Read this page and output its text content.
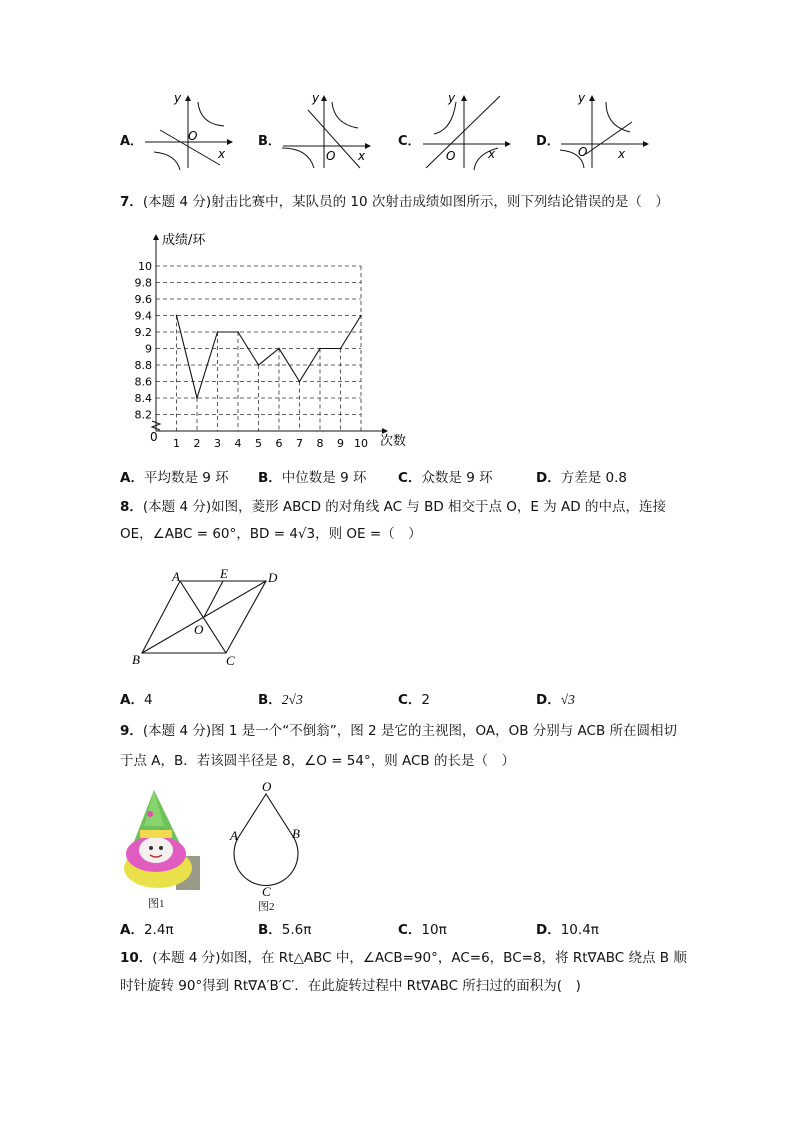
A．
y
x
O	B．
y
x
O
C．
y
x
O
D．
y
x
O
7．(本题 4 分)射击比赛中，某队员的 10 次射击成绩如图所示，则下列结论错误的是（　）
8.2
8.4
8.6
8.8
9
9.2
9.4
9.6
9.8
10
1 2 3 4 5 6 7 8 9 10
成绩/环
次数
0
A．平均数是 9 环 B．中位数是 9 环 C．众数是 9 环	D．方差是 0.8
8．(本题 4 分)如图，菱形 ABCD 的对角线 AC 与 BD 相交于点 O，E 为 AD 的中点，连接
OE，∠ABC = 60°，BD = 4√3，则 OE =（　）
A	E	D
O
B	C
A．4	B．2√3	C．2	D．√3
9．(本题 4 分)图 1 是一个“不倒翁”，图 2 是它的主视图，OA，OB 分别与 ACB 所在圆相切
于点 A，B．若该圆半径是 8，∠O = 54°，则 ACB 的长是（　）
图1
O
A	B
C
图2
A．2.4π	B．5.6π	C．10π	D．10.4π
10．(本题 4 分)如图，在 Rt△ABC 中，∠ACB=90°，AC=6，BC=8，将 Rt∇ABC 绕点 B 顺
时针旋转 90°得到 Rt∇A′B′C′．在此旋转过程中 Rt∇ABC 所扫过的面积为(　)
